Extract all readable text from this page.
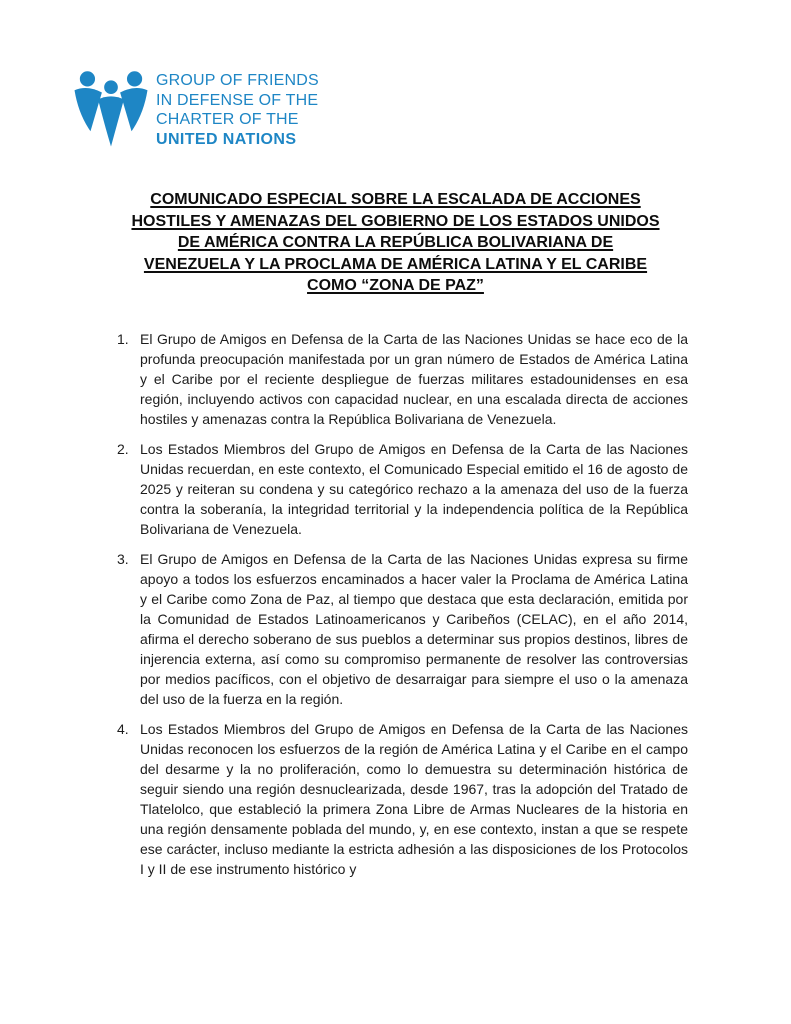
GROUP OF FRIENDS
IN DEFENSE OF THE
CHARTER OF THE
UNITED NATIONS
COMUNICADO ESPECIAL SOBRE LA ESCALADA DE ACCIONES
HOSTILES Y AMENAZAS DEL GOBIERNO DE LOS ESTADOS UNIDOS
DE AMÉRICA CONTRA LA REPÚBLICA BOLIVARIANA DE
VENEZUELA Y LA PROCLAMA DE AMÉRICA LATINA Y EL CARIBE
COMO “ZONA DE PAZ”
1. El Grupo de Amigos en Defensa de la Carta de las Naciones Unidas se hace eco de la profunda preocupación manifestada por un gran número de Estados de América Latina y el Caribe por el reciente despliegue de fuerzas militares estadounidenses en esa región, incluyendo activos con capacidad nuclear, en una escalada directa de acciones hostiles y amenazas contra la República Bolivariana de Venezuela.
2. Los Estados Miembros del Grupo de Amigos en Defensa de la Carta de las Naciones Unidas recuerdan, en este contexto, el Comunicado Especial emitido el 16 de agosto de 2025 y reiteran su condena y su categórico rechazo a la amenaza del uso de la fuerza contra la soberanía, la integridad territorial y la independencia política de la República Bolivariana de Venezuela.
3. El Grupo de Amigos en Defensa de la Carta de las Naciones Unidas expresa su firme apoyo a todos los esfuerzos encaminados a hacer valer la Proclama de América Latina y el Caribe como Zona de Paz, al tiempo que destaca que esta declaración, emitida por la Comunidad de Estados Latinoamericanos y Caribeños (CELAC), en el año 2014, afirma el derecho soberano de sus pueblos a determinar sus propios destinos, libres de injerencia externa, así como su compromiso permanente de resolver las controversias por medios pacíficos, con el objetivo de desarraigar para siempre el uso o la amenaza del uso de la fuerza en la región.
4. Los Estados Miembros del Grupo de Amigos en Defensa de la Carta de las Naciones Unidas reconocen los esfuerzos de la región de América Latina y el Caribe en el campo del desarme y la no proliferación, como lo demuestra su determinación histórica de seguir siendo una región desnuclearizada, desde 1967, tras la adopción del Tratado de Tlatelolco, que estableció la primera Zona Libre de Armas Nucleares de la historia en una región densamente poblada del mundo, y, en ese contexto, instan a que se respete ese carácter, incluso mediante la estricta adhesión a las disposiciones de los Protocolos I y II de ese instrumento histórico y
